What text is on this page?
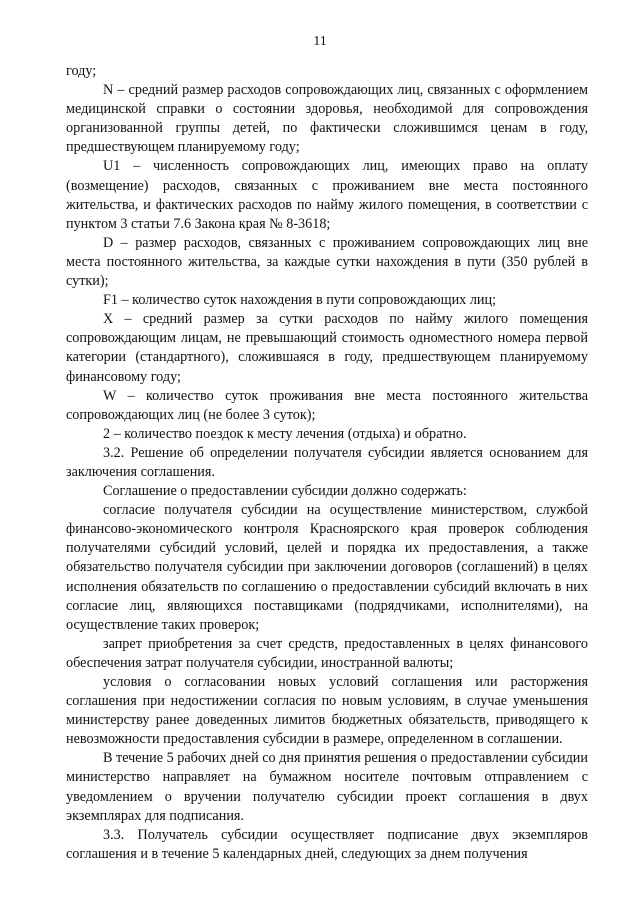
11

году;

N – средний размер расходов сопровождающих лиц, связанных с оформлением медицинской справки о состоянии здоровья, необходимой для сопровождения организованной группы детей, по фактически сложившимся ценам в году, предшествующем планируемому году;

U1 – численность сопровождающих лиц, имеющих право на оплату (возмещение) расходов, связанных с проживанием вне места постоянного жительства, и фактических расходов по найму жилого помещения, в соответствии с пунктом 3 статьи 7.6 Закона края № 8-3618;

D – размер расходов, связанных с проживанием сопровождающих лиц вне места постоянного жительства, за каждые сутки нахождения в пути (350 рублей в сутки);

F1 – количество суток нахождения в пути сопровождающих лиц;

X – средний размер за сутки расходов по найму жилого помещения сопровождающим лицам, не превышающий стоимость одноместного номера первой категории (стандартного), сложившаяся в году, предшествующем планируемому финансовому году;

W – количество суток проживания вне места постоянного жительства сопровождающих лиц (не более 3 суток);

2 – количество поездок к месту лечения (отдыха) и обратно.

3.2. Решение об определении получателя субсидии является основанием для заключения соглашения.

Соглашение о предоставлении субсидии должно содержать:

согласие получателя субсидии на осуществление министерством, службой финансово-экономического контроля Красноярского края проверок соблюдения получателями субсидий условий, целей и порядка их предоставления, а также обязательство получателя субсидии при заключении договоров (соглашений) в целях исполнения обязательств по соглашению о предоставлении субсидий включать в них согласие лиц, являющихся поставщиками (подрядчиками, исполнителями), на осуществление таких проверок;

запрет приобретения за счет средств, предоставленных в целях финансового обеспечения затрат получателя субсидии, иностранной валюты;

условия о согласовании новых условий соглашения или расторжения соглашения при недостижении согласия по новым условиям, в случае уменьшения министерству ранее доведенных лимитов бюджетных обязательств, приводящего к невозможности предоставления субсидии в размере, определенном в соглашении.

В течение 5 рабочих дней со дня принятия решения о предоставлении субсидии министерство направляет на бумажном носителе почтовым отправлением с уведомлением о вручении получателю субсидии проект соглашения в двух экземплярах для подписания.

3.3. Получатель субсидии осуществляет подписание двух экземпляров соглашения и в течение 5 календарных дней, следующих за днем получения
